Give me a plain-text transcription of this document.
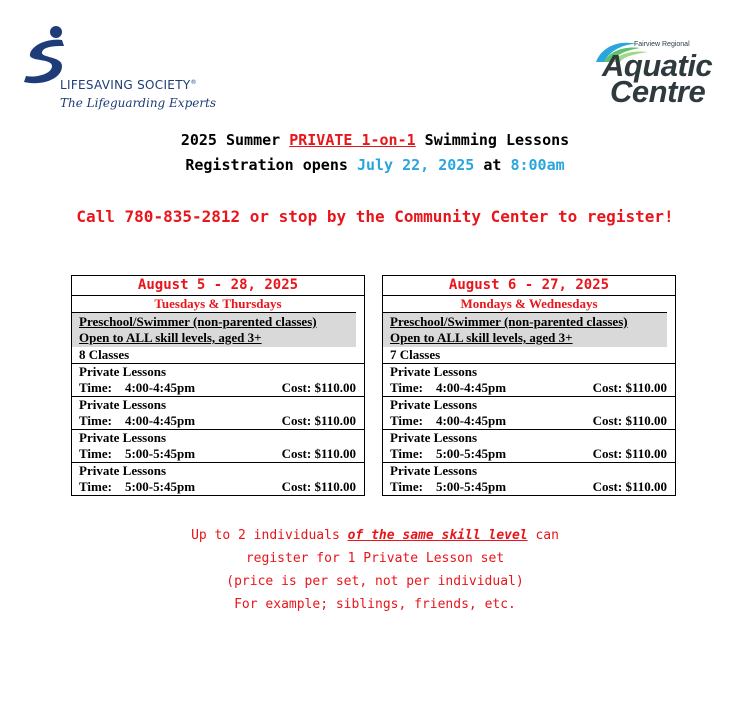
LIFESAVING SOCIETY®
The Lifeguarding Experts
Fairview Regional
Aquatic
Centre
2025 Summer PRIVATE 1-on-1 Swimming Lessons
Registration opens July 22, 2025 at 8:00am
Call 780-835-2812 or stop by the Community Center to register!
August 5 - 28, 2025
Tuesdays & Thursdays
Preschool/Swimmer (non-parented classes)
Open to ALL skill levels, aged 3+
8 Classes
Private Lessons
Time:    4:00-4:45pm	Cost: $110.00
Private Lessons
Time:    4:00-4:45pm	Cost: $110.00
Private Lessons
Time:    5:00-5:45pm	Cost: $110.00
Private Lessons
Time:    5:00-5:45pm	Cost: $110.00
August 6 - 27, 2025
Mondays & Wednesdays
Preschool/Swimmer (non-parented classes)
Open to ALL skill levels, aged 3+
7 Classes
Private Lessons
Time:    4:00-4:45pm	Cost: $110.00
Private Lessons
Time:    4:00-4:45pm	Cost: $110.00
Private Lessons
Time:    5:00-5:45pm	Cost: $110.00
Private Lessons
Time:    5:00-5:45pm	Cost: $110.00
Up to 2 individuals of the same skill level can
register for 1 Private Lesson set
(price is per set, not per individual)
For example; siblings, friends, etc.
